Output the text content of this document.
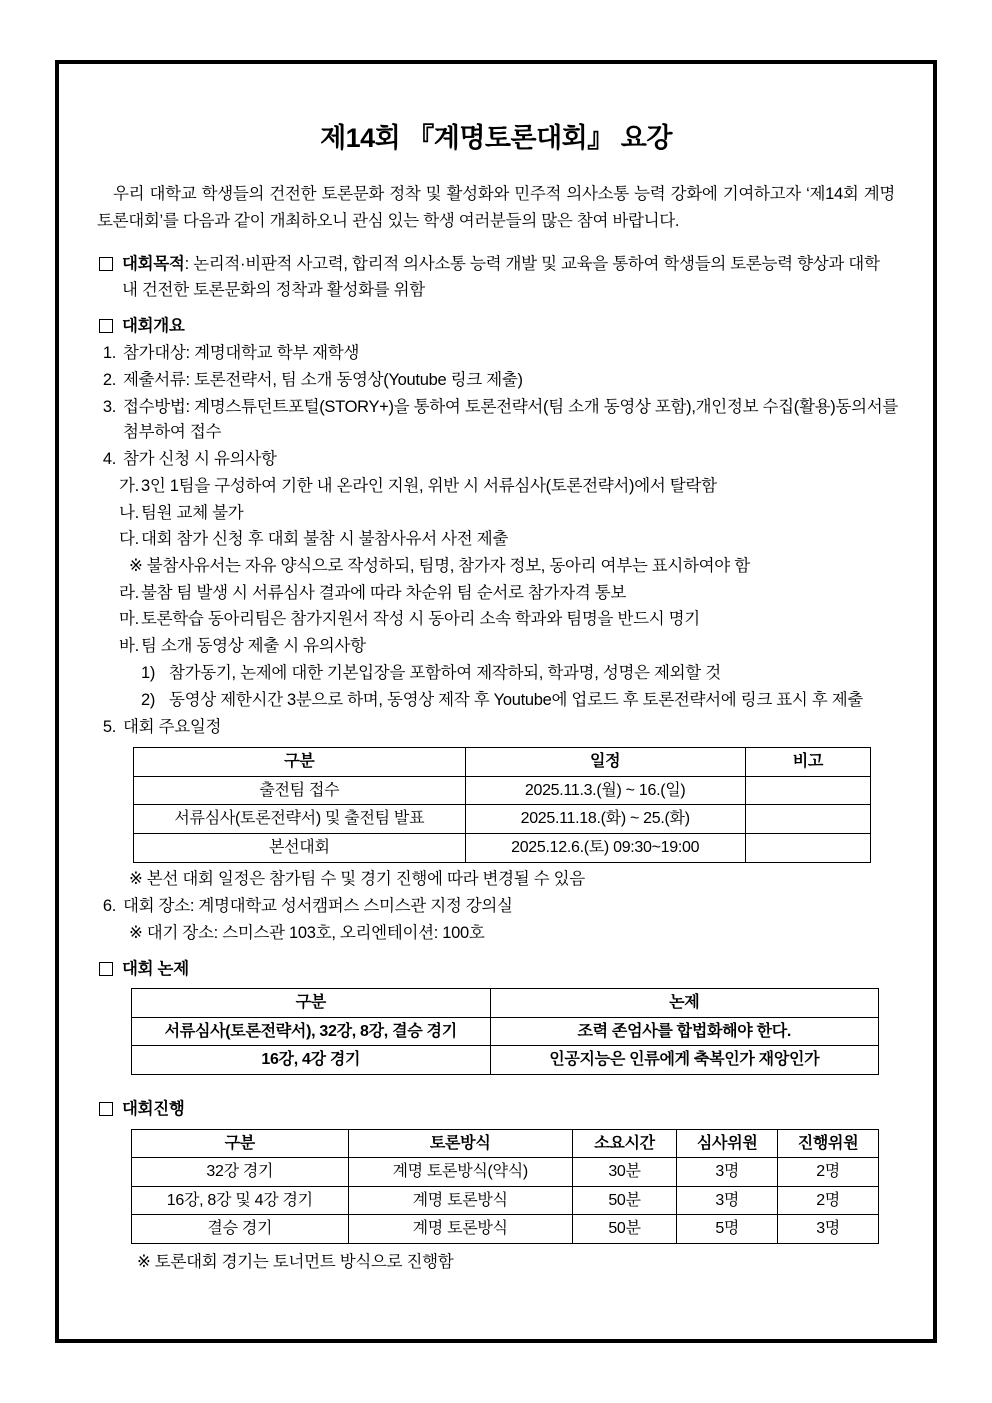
제14회 『계명토론대회』 요강

우리 대학교 학생들의 건전한 토론문화 정착 및 활성화와 민주적 의사소통 능력 강화에 기여하고자 ‘제14회 계명 토론대회’를 다음과 같이 개최하오니 관심 있는 학생 여러분들의 많은 참여 바랍니다.

대회목적: 논리적·비판적 사고력, 합리적 의사소통 능력 개발 및 교육을 통하여 학생들의 토론능력 향상과 대학 내 건전한 토론문화의 정착과 활성화를 위함
대회개요
1. 참가대상: 계명대학교 학부 재학생
2. 제출서류: 토론전략서, 팀 소개 동영상(Youtube 링크 제출)
3. 접수방법: 계명스튜던트포털(STORY+)을 통하여 토론전략서(팀 소개 동영상 포함),개인정보 수집(활용)동의서를첨부하여 접수
4. 참가 신청 시 유의사항
가. 3인 1팀을 구성하여 기한 내 온라인 지원, 위반 시 서류심사(토론전략서)에서 탈락함
나. 팀원 교체 불가
다. 대회 참가 신청 후 대회 불참 시 불참사유서 사전 제출
※ 불참사유서는 자유 양식으로 작성하되, 팀명, 참가자 정보, 동아리 여부는 표시하여야 함
라. 불참 팀 발생 시 서류심사 결과에 따라 차순위 팀 순서로 참가자격 통보
마. 토론학습 동아리팀은 참가지원서 작성 시 동아리 소속 학과와 팀명을 반드시 명기
바. 팀 소개 동영상 제출 시 유의사항
1) 참가동기, 논제에 대한 기본입장을 포함하여 제작하되, 학과명, 성명은 제외할 것
2) 동영상 제한시간 3분으로 하며, 동영상 제작 후 Youtube에 업로드 후 토론전략서에 링크 표시 후 제출
5. 대회 주요일정
구분	일정	비고
출전팀 접수	2025.11.3.(월) ~ 16.(일)	
서류심사(토론전략서) 및 출전팀 발표	2025.11.18.(화) ~ 25.(화)	
본선대회	2025.12.6.(토) 09:30~19:00	
※ 본선 대회 일정은 참가팀 수 및 경기 진행에 따라 변경될 수 있음
6. 대회 장소: 계명대학교 성서캠퍼스 스미스관 지정 강의실
※ 대기 장소: 스미스관 103호, 오리엔테이션: 100호
대회 논제
구분	논제
서류심사(토론전략서), 32강, 8강, 결승 경기	조력 존엄사를 합법화해야 한다.
16강, 4강 경기	인공지능은 인류에게 축복인가 재앙인가
대회진행
구분	토론방식	소요시간	심사위원	진행위원
32강 경기	계명 토론방식(약식)	30분	3명	2명
16강, 8강 및 4강 경기	계명 토론방식	50분	3명	2명
결승 경기	계명 토론방식	50분	5명	3명
※ 토론대회 경기는 토너먼트 방식으로 진행함
